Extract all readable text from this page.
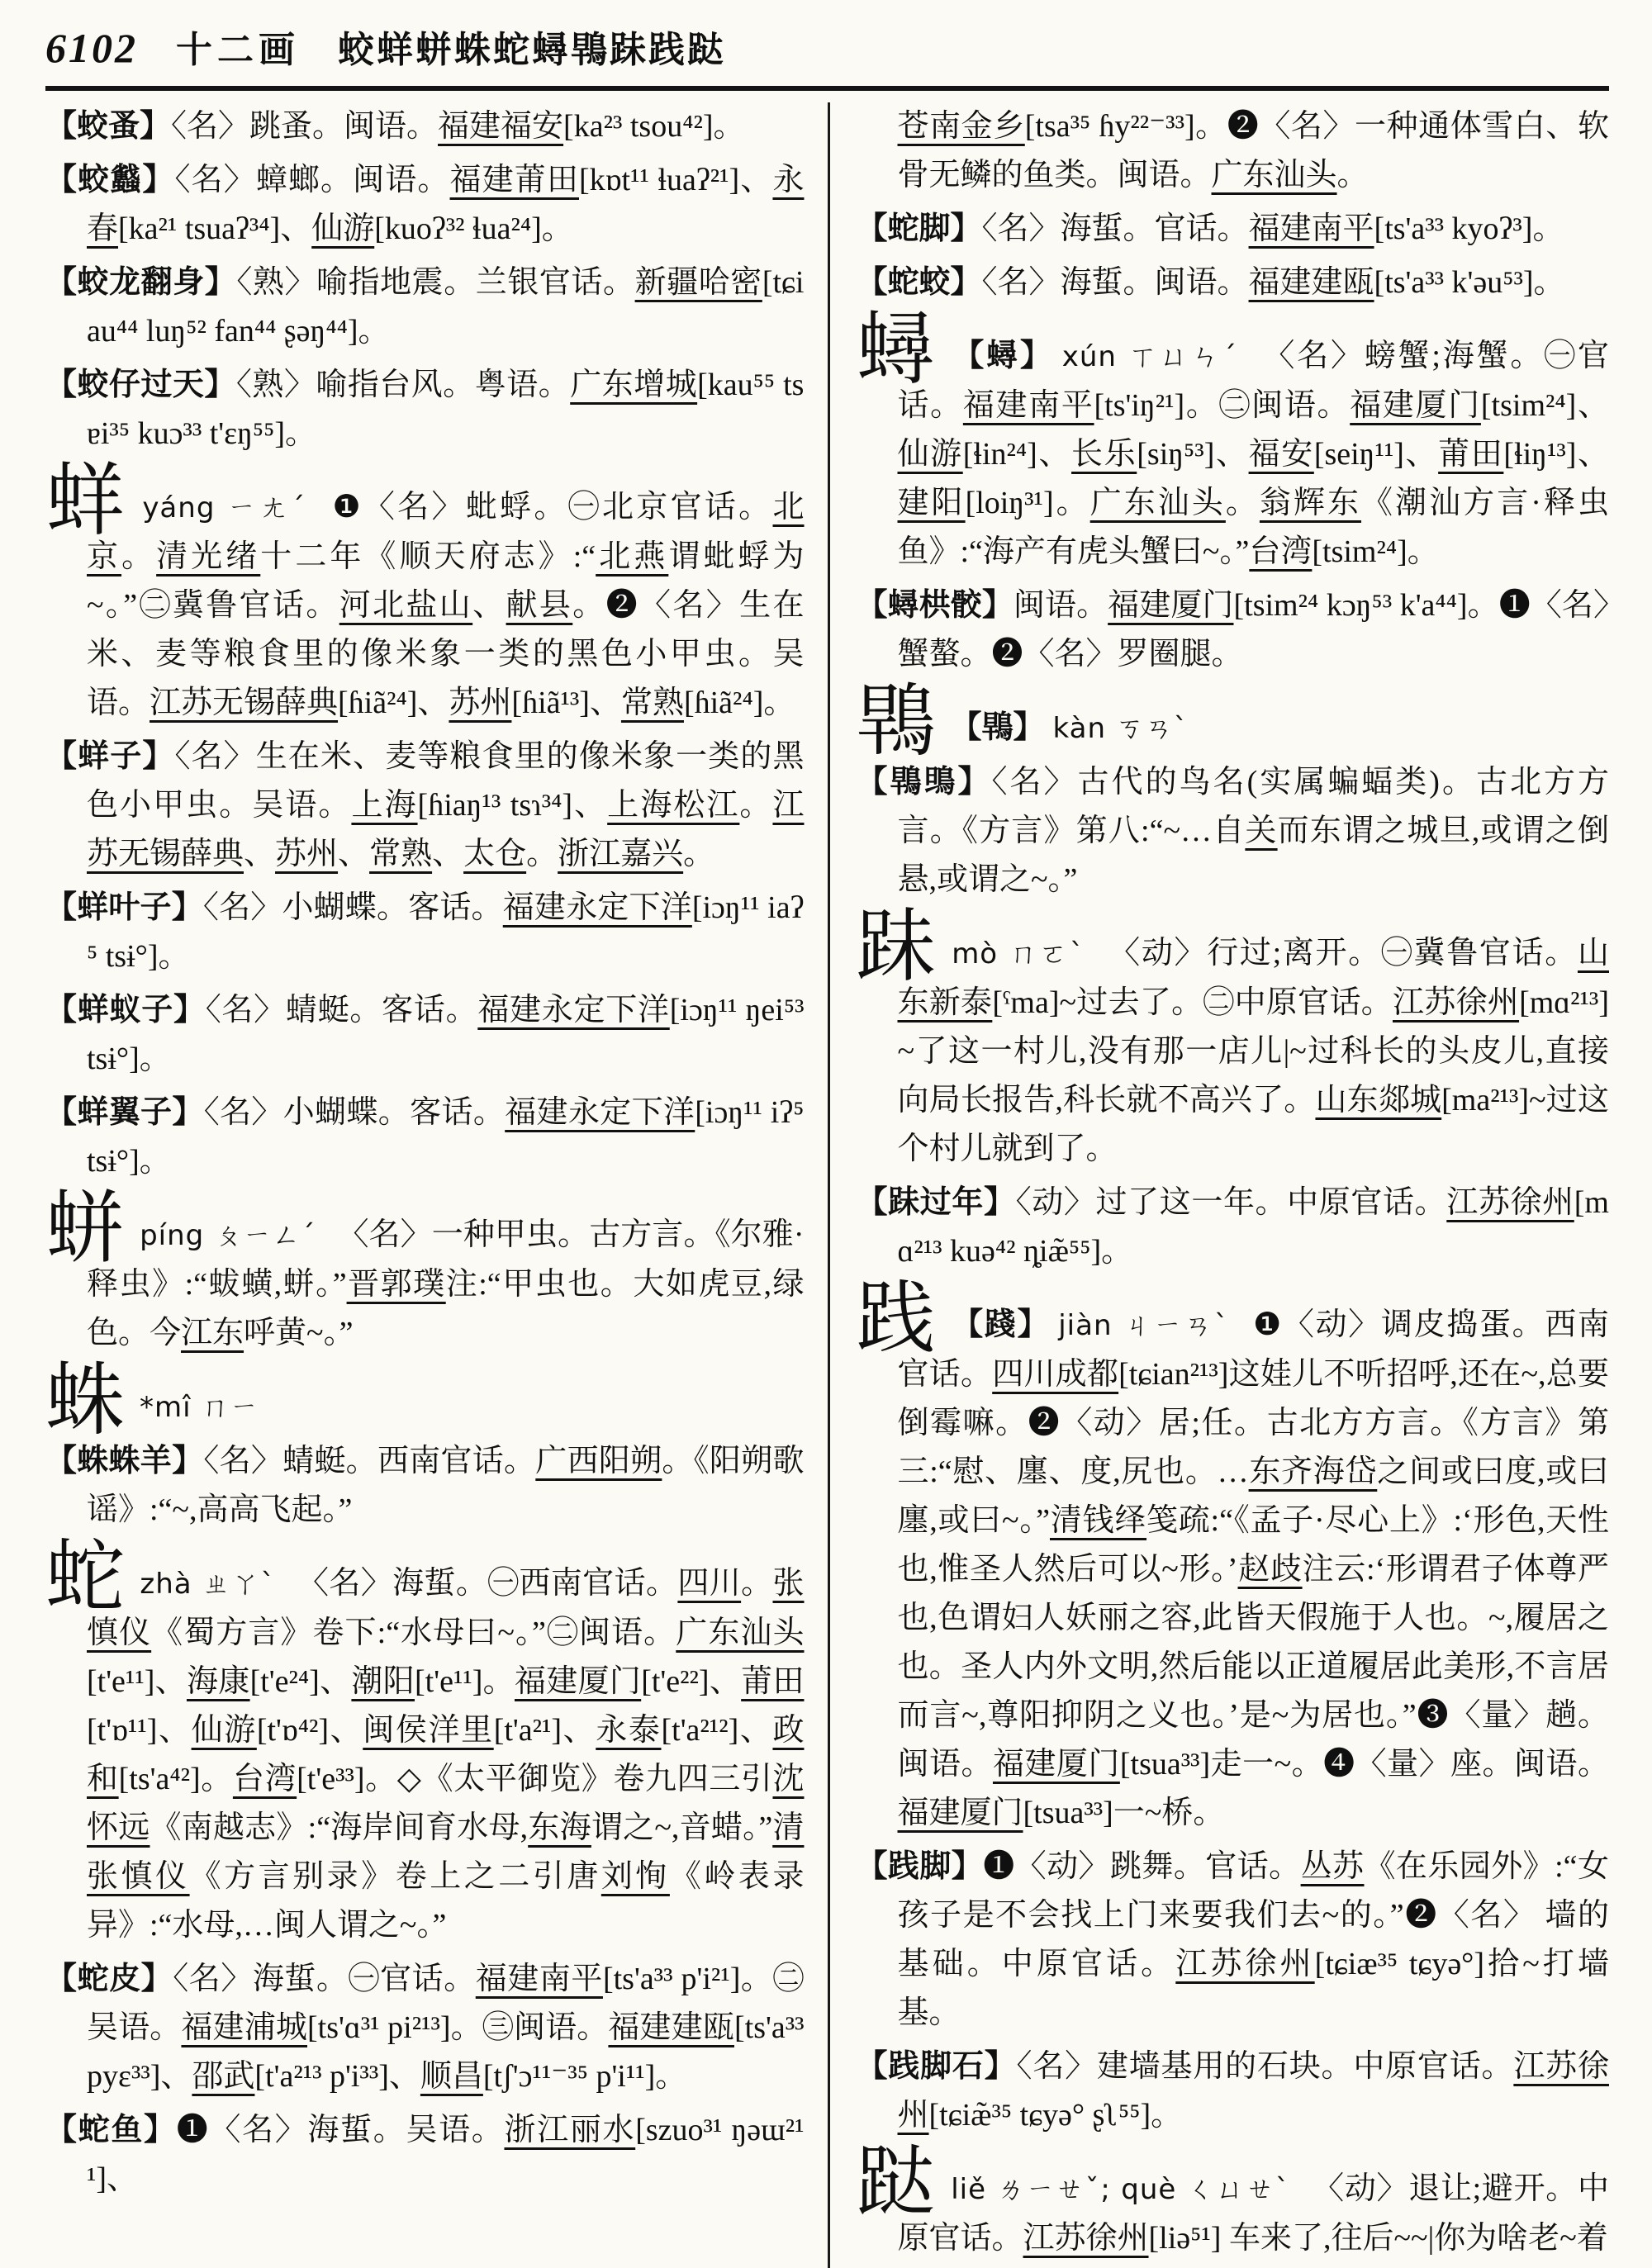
6102 十二画 蛟蛘蛢蛛蛇蟳䳚跊践跶

【蛟蚤】〈名〉跳蚤。闽语。福建福安[ka²³ tsou⁴²]。

【蛟蠽】〈名〉蟑螂。闽语。福建莆田[kɒt¹¹ ɬuaʔ²¹]、永春[ka²¹ tsuaʔ³⁴]、仙游[kuoʔ³² ɬua²⁴]。

【蛟龙翻身】〈熟〉喻指地震。兰银官话。新疆哈密[tɕiau⁴⁴ luŋ⁵² fan⁴⁴ ʂəŋ⁴⁴]。

【蛟仔过天】〈熟〉喻指台风。粤语。广东增城[kau⁵⁵ tsɐi³⁵ kuɔ³³ t'ɛŋ⁵⁵]。

蛘yáng ㄧㄤˊ ❶〈名〉蚍蜉。㊀北京官话。北京。清光绪十二年《顺天府志》:“北燕谓蚍蜉为~。”㊁冀鲁官话。河北盐山、献县。❷〈名〉生在米、麦等粮食里的像米象一类的黑色小甲虫。吴语。江苏无锡薛典[ɦiã²⁴]、苏州[ɦiã¹³]、常熟[ɦiã²⁴]。

【蛘子】〈名〉生在米、麦等粮食里的像米象一类的黑色小甲虫。吴语。上海[ɦiaŋ¹³ tsɿ³⁴]、上海松江。江苏无锡薛典、苏州、常熟、太仓。浙江嘉兴。

【蛘叶子】〈名〉小蝴蝶。客话。福建永定下洋[iɔŋ¹¹ iaʔ⁵ tsɨ°]。

【蛘蚁子】〈名〉蜻蜓。客话。福建永定下洋[iɔŋ¹¹ ŋei⁵³ tsɨ°]。

【蛘翼子】〈名〉小蝴蝶。客话。福建永定下洋[iɔŋ¹¹ iʔ⁵ tsɨ°]。

蛢píng ㄆㄧㄥˊ 〈名〉一种甲虫。古方言。《尔雅·释虫》:“蛂蟥,蛢。”晋郭璞注:“甲虫也。大如虎豆,绿色。今江东呼黄~。”

蛛 *mî ㄇㄧ

【蛛蛛羊】〈名〉蜻蜓。西南官话。广西阳朔。《阳朔歌谣》:“~,高高飞起。”

蛇zhà ㄓㄚˋ 〈名〉海蜇。㊀西南官话。四川。张慎仪《蜀方言》卷下:“水母曰~。”㊁闽语。广东汕头[t'e¹¹]、海康[t'e²⁴]、潮阳[t'e¹¹]。福建厦门[t'e²²]、莆田[t'ɒ¹¹]、仙游[t'ɒ⁴²]、闽侯洋里[t'a²¹]、永泰[t'a²¹²]、政和[ts'a⁴²]。台湾[t'e³³]。◇《太平御览》卷九四三引沈怀远《南越志》:“海岸间育水母,东海谓之~,音蜡。”清张慎仪《方言别录》卷上之二引唐刘恂《岭表录异》:“水母,…闽人谓之~。”

【蛇皮】〈名〉海蜇。㊀官话。福建南平[ts'a³³ p'i²¹]。㊁吴语。福建浦城[ts'ɑ³¹ pi²¹³]。㊂闽语。福建建瓯[ts'a³³ pyɛ³³]、邵武[t'a²¹³ p'i³³]、顺昌[tʃ'ɔ¹¹⁻³⁵ p'i¹¹]。

【蛇鱼】❶〈名〉海蜇。吴语。浙江丽水[szuo³¹ ŋəɯ²¹¹]、

苍南金乡[tsa³⁵ ɦy²²⁻³³]。❷〈名〉一种通体雪白、软骨无鳞的鱼类。闽语。广东汕头。

【蛇脚】〈名〉海蜇。官话。福建南平[ts'a³³ kyoʔ³]。

【蛇蛟】〈名〉海蜇。闽语。福建建瓯[ts'a³³ k'əu⁵³]。

蟳 【蟳】 xún ㄒㄩㄣˊ 〈名〉螃蟹;海蟹。㊀官话。福建南平[ts'iŋ²¹]。㊁闽语。福建厦门[tsim²⁴]、仙游[ɬin²⁴]、长乐[siŋ⁵³]、福安[seiŋ¹¹]、莆田[ɬiŋ¹³]、建阳[loiŋ³¹]。广东汕头。翁辉东《潮汕方言·释虫鱼》:“海产有虎头蟹曰~。”台湾[tsim²⁴]。

【蟳栱骹】闽语。福建厦门[tsim²⁴ kɔŋ⁵³ k'a⁴⁴]。❶〈名〉蟹螯。❷〈名〉罗圈腿。

䳚 【䳚】 kàn ㄎㄢˋ

【䳚鴠】〈名〉古代的鸟名(实属蝙蝠类)。古北方方言。《方言》第八:“~…自关而东谓之城旦,或谓之倒悬,或谓之~。”

跊mò ㄇㄛˋ 〈动〉行过;离开。㊀冀鲁官话。山东新泰[ˤma]~过去了。㊁中原官话。江苏徐州[mɑ²¹³] ~了这一村儿,没有那一店儿|~过科长的头皮儿,直接向局长报告,科长就不高兴了。山东郯城[ma²¹³]~过这个村儿就到了。

【跊过年】〈动〉过了这一年。中原官话。江苏徐州[mɑ²¹³ kuə⁴² ȵiæ̃⁵⁵]。

践 【踐】 jiàn ㄐㄧㄢˋ ❶〈动〉调皮捣蛋。西南官话。四川成都[tɕian²¹³]这娃儿不听招呼,还在~,总要倒霉嘛。❷〈动〉居;任。古北方方言。《方言》第三:“慰、廛、度,尻也。…东齐海岱之间或曰度,或曰廛,或曰~。”清钱绎笺疏:“《孟子·尽心上》:‘形色,天性也,惟圣人然后可以~形。’赵歧注云:‘形谓君子体尊严也,色谓妇人妖丽之容,此皆天假施于人也。~,履居之也。圣人内外文明,然后能以正道履居此美形,不言居而言~,尊阳抑阴之义也。’是~为居也。”❸〈量〉趟。闽语。福建厦门[tsua³³]走一~。❹〈量〉座。闽语。福建厦门[tsua³³]一~桥。

【践脚】❶〈动〉跳舞。官话。丛苏《在乐园外》:“女孩子是不会找上门来要我们去~的。”❷〈名〉 墙的基础。中原官话。江苏徐州[tɕiæ³⁵ tɕyə°]拾~打墙基。

【践脚石】〈名〉建墙基用的石块。中原官话。江苏徐州[tɕiæ̃³⁵ tɕyə° ʂʅ⁵⁵]。

跶liě ㄌㄧㄝˇ; què ㄑㄩㄝˋ 〈动〉退让;避开。中原官话。江苏徐州[liə⁵¹] 车来了,往后~~|你为啥老~着
